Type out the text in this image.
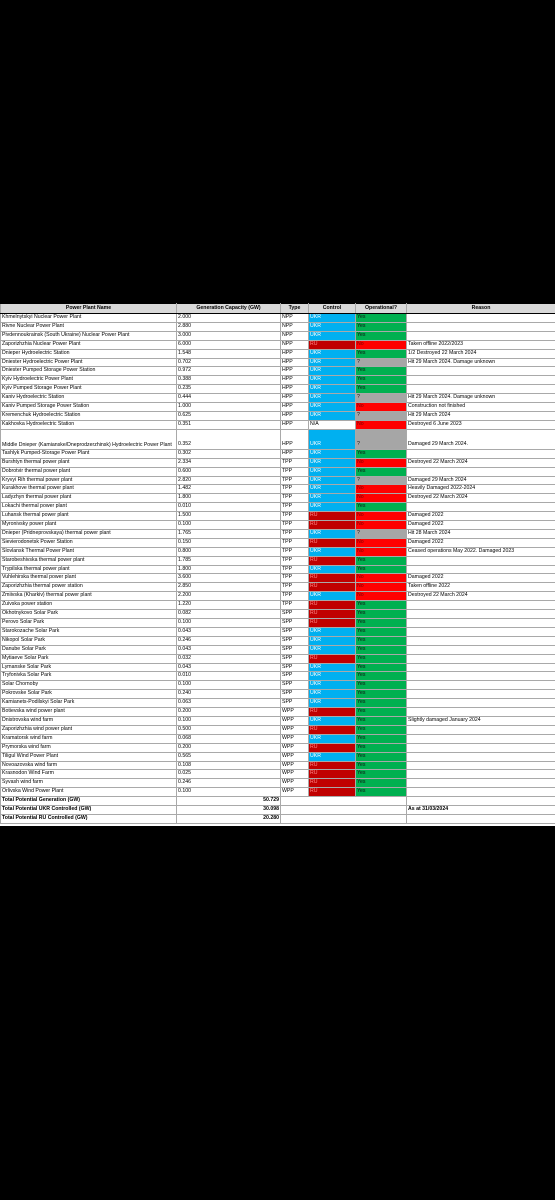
Power Plant Name	Generation Capacity (GW)	Type	Control	Operational?	Reason
Khmelnytskyi Nuclear Power Plant	2.000	NPP	UKR	Yes	
Rivne Nuclear Power Plant	2.880	NPP	UKR	Yes	
Pivdennoukrainsk (South Ukraine) Nuclear Power Plant	3.000	NPP	UKR	Yes	
Zaporizhzhia Nuclear Power Plant	6.000	NPP	RU	No	Taken offline 2022/2023
Dnieper Hydroelectric Station	1.548	HPP	UKR	Yes	1/2 Destroyed 22 March 2024
Dniester Hydroelectric Power Plant	0.702	HPP	UKR	?	Hit 29 March 2024. Damage unknown
Dniester Pumped Storage Power Station	0.972	HPP	UKR	Yes	
Kyiv Hydroelectric Power Plant	0.388	HPP	UKR	Yes	
Kyiv Pumped Storage Power Plant	0.235	HPP	UKR	Yes	
Kaniv Hydroelectric Station	0.444	HPP	UKR	?	Hit 29 March 2024. Damage unknown
Kaniv Pumped Storage Power Station	1.000	HPP	UKR	No	Construction not finished
Kremenchuk Hydroelectric Station	0.625	HPP	UKR	?	Hit 29 March 2024
Kakhovka Hydroelectric Station	0.351	HPP	N/A	No	Destroyed 6 June 2023
Middle Dnieper (Kamianske/Dneprodzerzhinsk) Hydroelectric Power Plant	0.352	HPP	UKR	?	Damaged 29 March 2024.
Tashlyk Pumped-Storage Power Plant	0.302	HPP	UKR	Yes	
Burshtyn thermal power plant	2.334	TPP	UKR	No	Destroyed 22 March 2024
Dobrotvir thermal power plant	0.600	TPP	UKR	Yes	
Kryvyi Rih thermal power plant	2.820	TPP	UKR	?	Damaged 29 March 2024
Kurakhove thermal power plant	1.482	TPP	UKR	No	Heavily Damaged 2022-2024
Ladyzhyn thermal power plant	1.800	TPP	UKR	No	Destroyed 22 March 2024
Lokachi thermal power plant	0.010	TPP	UKR	Yes	
Luhansk thermal power plant	1.500	TPP	RU	No	Damaged 2022
Myronivsky power plant	0.100	TPP	RU	No	Damaged 2022
Dnieper (Pridneprovskaya) thermal power plant	1.765	TPP	UKR	?	Hit 28 March 2024
Sievierodonetsk Power Station	0.150	TPP	RU	No	Damaged 2022
Slovlansk Thermal Power Plant	0.800	TPP	UKR	No	Ceased operations May 2022. Damaged 2023
Starobeshivska thermal power plant	1.785	TPP	RU	Yes	
Trypilska thermal power plant	1.800	TPP	UKR	Yes	
Vuhlehirska thermal power plant	3.600	TPP	RU	No	Damaged 2022
Zaporizhzhia thermal power station	2.850	TPP	RU	No	Taken offline 2022
Zmiivska (Kharkiv) thermal power plant	2.200	TPP	UKR	No	Destroyed 22 March 2024
Zuivska power station	1.220	TPP	RU	Yes	
Okhotnykovo Solar Park	0.082	SPP	RU	Yes	
Perovo Solar Park	0.100	SPP	RU	Yes	
Starokozache Solar Park	0.043	SPP	UKR	Yes	
Nikopol Solar Park	0.246	SPP	UKR	Yes	
Danube Solar Park	0.043	SPP	UKR	Yes	
Mytiaeve Solar Park	0.032	SPP	RU	Yes	
Lymanske Solar Park	0.043	SPP	UKR	Yes	
Tryfonivka Solar Park	0.010	SPP	UKR	Yes	
Solar Chornoby	0.100	SPP	UKR	Yes	
Pokrovske Solar Park	0.240	SPP	UKR	Yes	
Kamianets-Podilskyi Solar Park	0.063	SPP	UKR	Yes	
Botievska wind power plant	0.200	WPP	RU	Yes	
Dnistrovska wind farm	0.100	WPP	UKR	Yes	Slightly damaged January 2024
Zaporizhzhia wind power plant	0.500	WPP	RU	Yes	
Kramatorsk wind farm	0.068	WPP	UKR	Yes	
Prymorska wind farm	0.200	WPP	RU	Yes	
Tiligul Wind Power Plant	0.565	WPP	UKR	Yes	
Novoazovska wind farm	0.108	WPP	RU	Yes	
Krasnodon Wind Farm	0.025	WPP	RU	Yes	
Syvash wind farm	0.246	WPP	RU	Yes	
Orlivska Wind Power Plant	0.100	WPP	RU	Yes	
Total Potential Generation (GW)	50.729				
Total Potential UKR Controlled (GW)	30.098				As at 31/03/2024
Total Potential RU Controlled (GW)	20.280				
